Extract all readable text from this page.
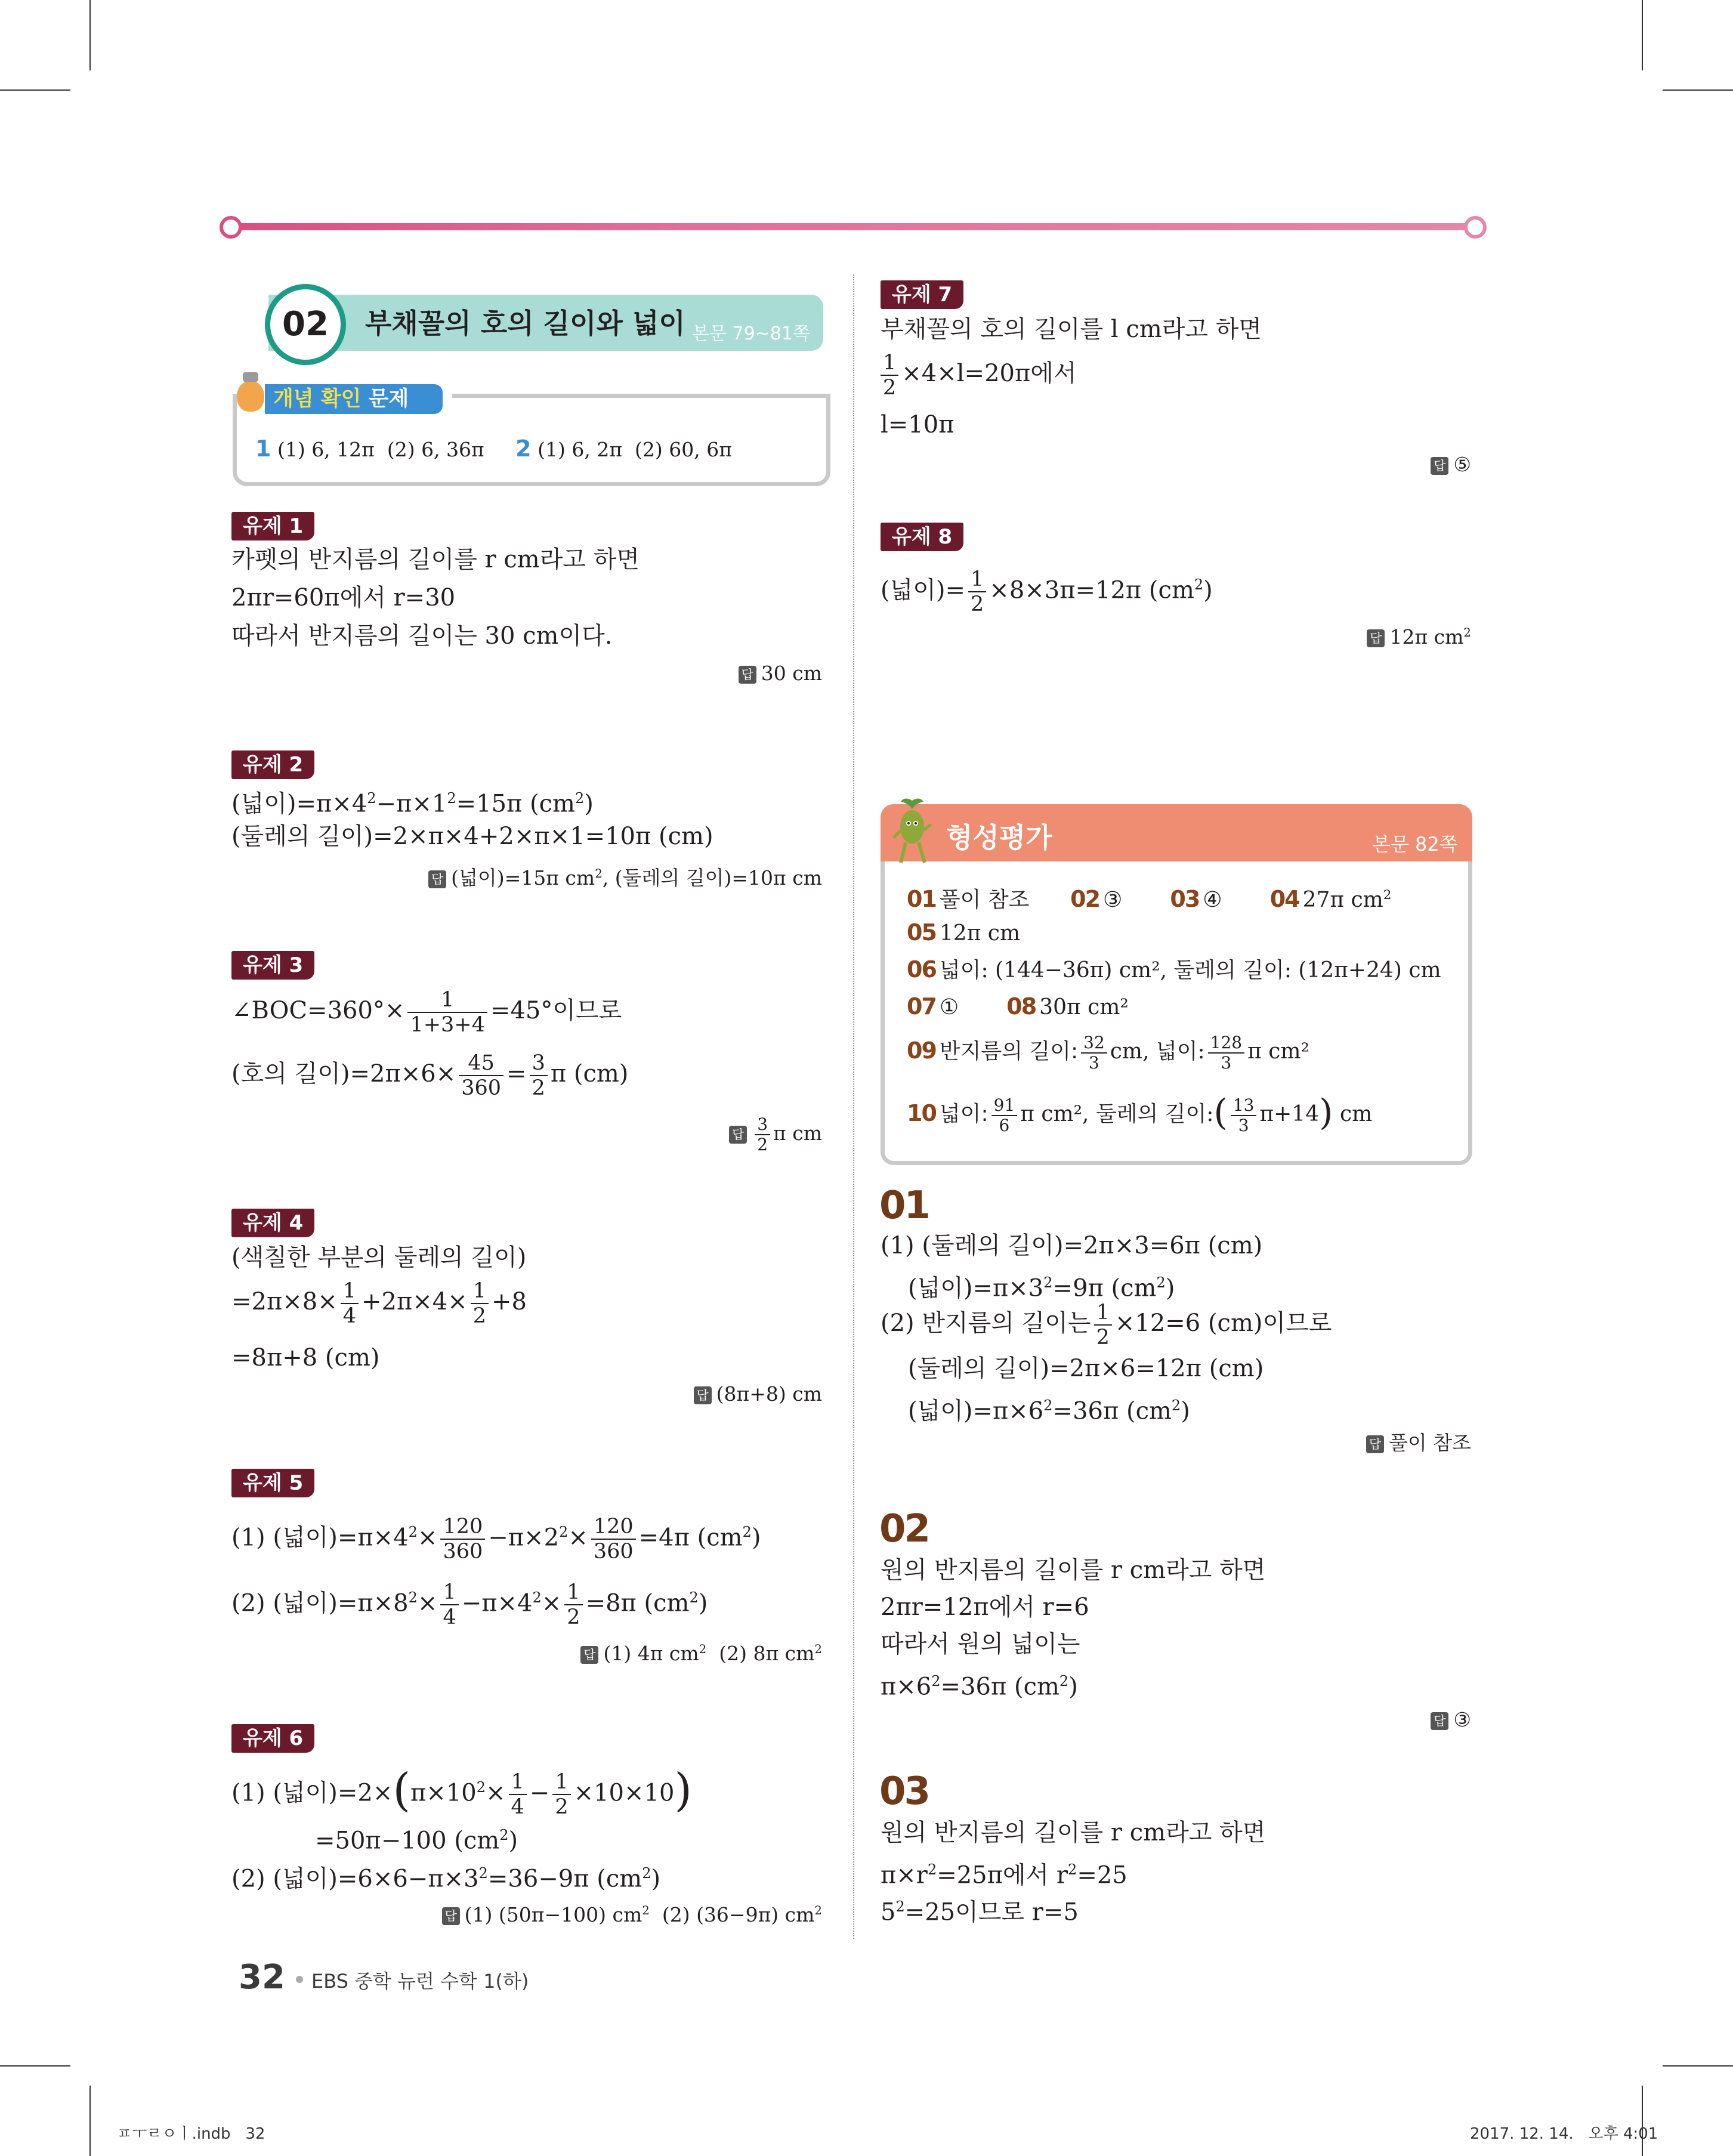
02	부채꼴의 호의 길이와 넓이 본문 79~81쪽
개념 확인 문제
1 (1) 6, 12π (2) 6, 36π 2 (1) 6, 2π (2) 60, 6π
유제 1
카펫의 반지름의 길이를 r cm라고 하면
2πr=60π에서 r=30
따라서 반지름의 길이는 30 cm이다.
답 30 cm
유제 2
(넓이)$=\pi\times 4^2-\pi\times 1^2=15\pi$ $(cm^2)$
(둘레의 길이)=2×π×4+2×π×1=10π (cm)
답 (넓이)=15π $cm^2$, (둘레의 길이)=10π cm
유제 3
∠BOC=360°× $\frac{1}{1+3+4} =45^\circ$이므로
(호의 길이)$=2\pi\times 6\times \frac{45}{360} = \frac{3}{2}$ π (cm)
답 $\frac{3}{2}$ π cm
유제 4
(색칠한 부분의 둘레의 길이)
$=2\pi\times 8\times \frac{1}{4} +2\pi\times 4\times \frac{1}{2} +8$
=8π+8 (cm)
답 (8π+8) cm
유제 5
(1) (넓이)$=\pi\times 4^2\times \frac{120}{360} -\pi\times 2^2\times \frac{120}{360} =4\pi$ $(cm^2)$
(2) (넓이)$=\pi\times 8^2\times \frac{1}{4} -\pi\times 4^2\times \frac{1}{2} =8\pi$ $(cm^2)$
답 (1) 4π $cm^2$ (2) 8π $cm^2$
유제 6
(1) (넓이)$=2\times(\pi\times 10^2\times \frac{1}{4} - \frac{1}{2} \times 10\times 10)$
=50π−100 $(cm^2)$
(2) (넓이)$=6\times 6-\pi\times 3^2=36-9\pi$ $(cm^2)$
답 (1) (50π−100) $cm^2$ (2) (36−9π) $cm^2$
32 EBS 중학 뉴런 수학 1(하)
ㅍㅜㄹㅇㅣ.indb   32	2017. 12. 14.   오후 4:01
유제 7
부채꼴의 호의 길이를 l cm라고 하면
$\frac{1}{2} \times 4\times l=20\pi$에서
l=10π
답 ⑤
유제 8
(넓이)= $\frac{1}{2} \times 8\times 3\pi=12\pi$ $(cm^2)$
답 12π $cm^2$
형성평가	본문 82쪽
01 풀이 참조 02 ③ 03 ④ 04 27π $cm^2$
05 12π cm
06 넓이: (144−36π) cm², 둘레의 길이: (12π+24) cm
07 ① 08 30π cm²
09 반지름의 길이: $\frac{32}{3}$ cm, 넓이: $\frac{128}{3}$ π cm²
10 넓이: $\frac{91}{6}$ π cm², 둘레의 길이:( $\frac{13}{3} \pi+14$) cm
01
(1) (둘레의 길이)=2π×3=6π (cm)
(넓이)$=\pi\times 3^2=9\pi$ $(cm^2)$
(2) 반지름의 길이는 $\frac{1}{2} \times 12=6$ (cm)이므로
(둘레의 길이)=2π×6=12π (cm)
(넓이)$=\pi\times 6^2=36\pi$ $(cm^2)$
답 풀이 참조
02
원의 반지름의 길이를 r cm라고 하면
2πr=12π에서 r=6
따라서 원의 넓이는
$\pi\times 6^2=36\pi$ $(cm^2)$
답 ③
03
원의 반지름의 길이를 r cm라고 하면
$\pi\times r^2=25\pi$에서 $r^2=25$
$5^2=25$이므로 r=5
